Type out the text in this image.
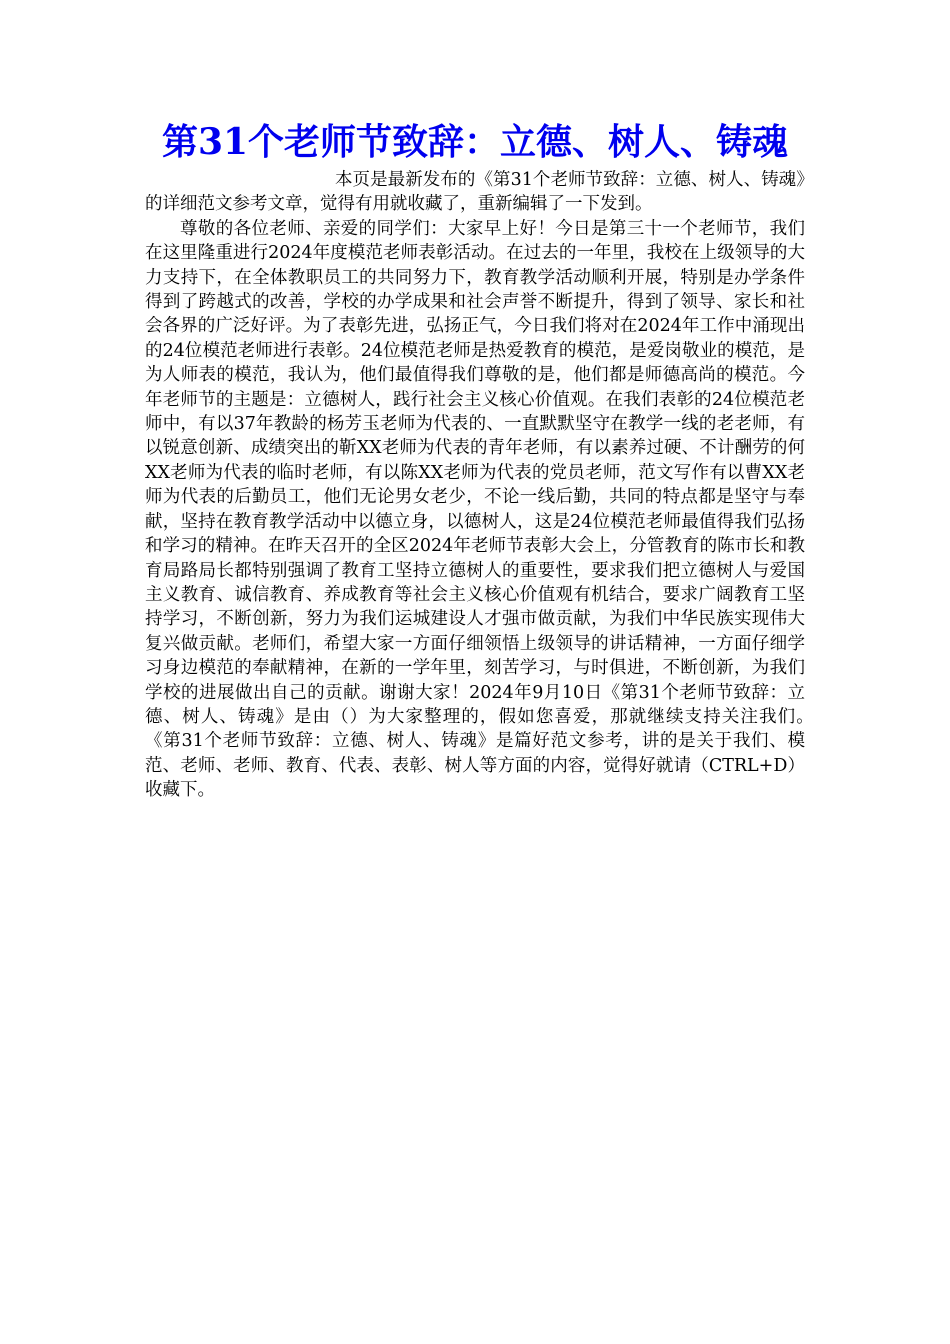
第31个老师节致辞：立德、树人、铸魂

本页是最新发布的《第31个老师节致辞：立德、树人、铸魂》的详细范文参考文章，觉得有用就收藏了，重新编辑了一下发到。

尊敬的各位老师、亲爱的同学们：大家早上好！今日是第三十一个老师节，我们在这里隆重进行2024年度模范老师表彰活动。在过去的一年里，我校在上级领导的大力支持下，在全体教职员工的共同努力下，教育教学活动顺利开展，特别是办学条件得到了跨越式的改善，学校的办学成果和社会声誉不断提升，得到了领导、家长和社会各界的广泛好评。为了表彰先进，弘扬正气，今日我们将对在2024年工作中涌现出的24位模范老师进行表彰。24位模范老师是热爱教育的模范，是爱岗敬业的模范，是为人师表的模范，我认为，他们最值得我们尊敬的是，他们都是师德高尚的模范。今年老师节的主题是：立德树人，践行社会主义核心价值观。在我们表彰的24位模范老师中，有以37年教龄的杨芳玉老师为代表的、一直默默坚守在教学一线的老老师，有以锐意创新、成绩突出的靳XX老师为代表的青年老师，有以素养过硬、不计酬劳的何XX老师为代表的临时老师，有以陈XX老师为代表的党员老师，范文写作有以曹XX老师为代表的后勤员工，他们无论男女老少，不论一线后勤，共同的特点都是坚守与奉献，坚持在教育教学活动中以德立身，以德树人，这是24位模范老师最值得我们弘扬和学习的精神。在昨天召开的全区2024年老师节表彰大会上，分管教育的陈市长和教育局路局长都特别强调了教育工坚持立德树人的重要性，要求我们把立德树人与爱国主义教育、诚信教育、养成教育等社会主义核心价值观有机结合，要求广阔教育工坚持学习，不断创新，努力为我们运城建设人才强市做贡献，为我们中华民族实现伟大复兴做贡献。老师们，希望大家一方面仔细领悟上级领导的讲话精神，一方面仔细学习身边模范的奉献精神，在新的一学年里，刻苦学习，与时俱进，不断创新，为我们学校的进展做出自己的贡献。谢谢大家！2024年9月10日《第31个老师节致辞：立德、树人、铸魂》是由（）为大家整理的，假如您喜爱，那就继续支持关注我们。　　《第31个老师节致辞：立德、树人、铸魂》是篇好范文参考，讲的是关于我们、模范、老师、老师、教育、代表、表彰、树人等方面的内容，觉得好就请（CTRL+D）收藏下。
